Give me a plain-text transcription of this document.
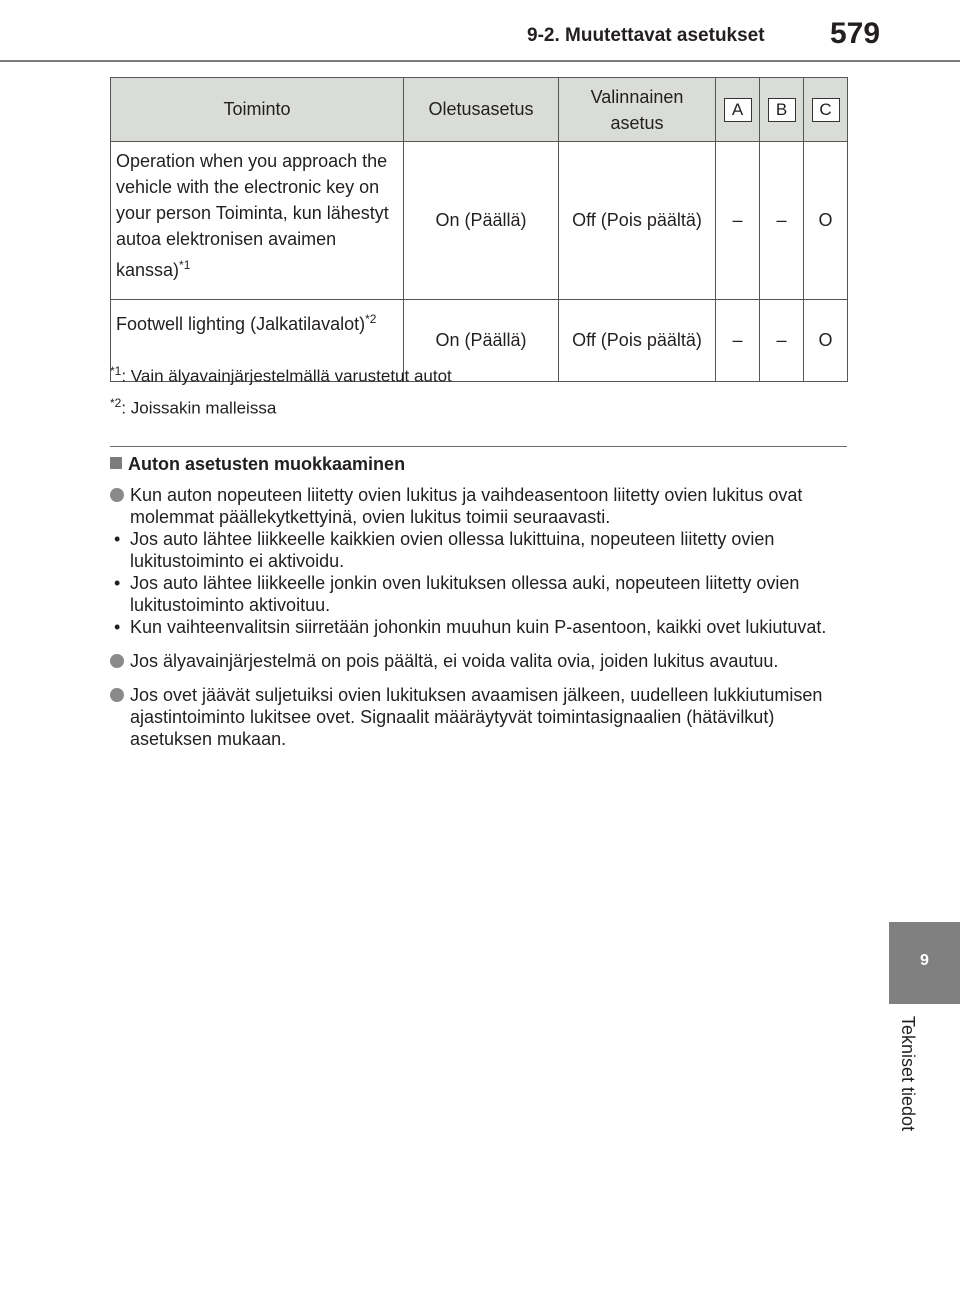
9-2. Muutettavat asetukset 579
9
Tekniset tiedot
Toiminto	Oletusasetus	Valinnainen asetus	A	B	C
Operation when you approach the vehicle with the electronic key on your person Toiminta, kun lähestyt autoa elektronisen avaimen kanssa)$^{*1}$	On (Päällä)	Off (Pois päältä)	–	–	O
Footwell lighting (Jalkatilavalot)$^{*2}$	On (Päällä)	Off (Pois päältä)	–	–	O
$^{*1}$: Vain älyavainjärjestelmällä varustetut autot
$^{*2}$: Joissakin malleissa
Auton asetusten muokkaaminen
Kun auton nopeuteen liitetty ovien lukitus ja vaihdeasentoon liitetty ovien lukitus ovat molemmat päällekytkettyinä, ovien lukitus toimii seuraavasti.
• Jos auto lähtee liikkeelle kaikkien ovien ollessa lukittuina, nopeuteen liitetty ovien lukitustoiminto ei aktivoidu.
• Jos auto lähtee liikkeelle jonkin oven lukituksen ollessa auki, nopeuteen liitetty ovien lukitustoiminto aktivoituu.
• Kun vaihteenvalitsin siirretään johonkin muuhun kuin P-asentoon, kaikki ovet lukiutuvat.
Jos älyavainjärjestelmä on pois päältä, ei voida valita ovia, joiden lukitus avautuu.
Jos ovet jäävät suljetuiksi ovien lukituksen avaamisen jälkeen, uudelleen lukkiutumisen ajastintoiminto lukitsee ovet. Signaalit määräytyvät toimintasignaalien (hätävilkut) asetuksen mukaan.
